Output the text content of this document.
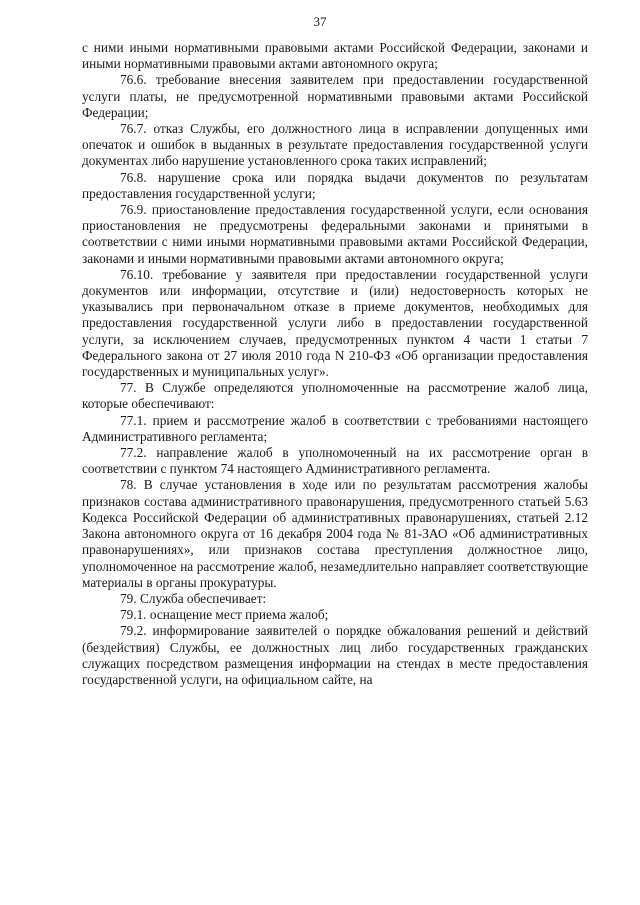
37

с ними иными нормативными правовыми актами Российской Федерации, законами и иными нормативными правовыми актами автономного округа;

76.6. требование внесения заявителем при предоставлении государственной услуги платы, не предусмотренной нормативными правовыми актами Российской Федерации;

76.7. отказ Службы, его должностного лица в исправлении допущенных ими опечаток и ошибок в выданных в результате предоставления государственной услуги документах либо нарушение установленного срока таких исправлений;

76.8. нарушение срока или порядка выдачи документов по результатам предоставления государственной услуги;

76.9. приостановление предоставления государственной услуги, если основания приостановления не предусмотрены федеральными законами и принятыми в соответствии с ними иными нормативными правовыми актами Российской Федерации, законами и иными нормативными правовыми актами автономного округа;

76.10. требование у заявителя при предоставлении государственной услуги документов или информации, отсутствие и (или) недостоверность которых не указывались при первоначальном отказе в приеме документов, необходимых для предоставления государственной услуги либо в предоставлении государственной услуги, за исключением случаев, предусмотренных пунктом 4 части 1 статьи 7 Федерального закона от 27 июля 2010 года N 210-ФЗ «Об организации предоставления государственных и муниципальных услуг».

77. В Службе определяются уполномоченные на рассмотрение жалоб лица, которые обеспечивают:

77.1. прием и рассмотрение жалоб в соответствии с требованиями настоящего Административного регламента;

77.2. направление жалоб в уполномоченный на их рассмотрение орган в соответствии с пунктом 74 настоящего Административного регламента.

78. В случае установления в ходе или по результатам рассмотрения жалобы признаков состава административного правонарушения, предусмотренного статьей 5.63 Кодекса Российской Федерации об административных правонарушениях, статьей 2.12 Закона автономного округа от 16 декабря 2004 года № 81-ЗАО «Об административных правонарушениях», или признаков состава преступления должностное лицо, уполномоченное на рассмотрение жалоб, незамедлительно направляет соответствующие материалы в органы прокуратуры.

79. Служба обеспечивает:

79.1. оснащение мест приема жалоб;

79.2. информирование заявителей о порядке обжалования решений и действий (бездействия) Службы, ее должностных лиц либо государственных гражданских служащих посредством размещения информации на стендах в месте предоставления государственной услуги, на официальном сайте, на
